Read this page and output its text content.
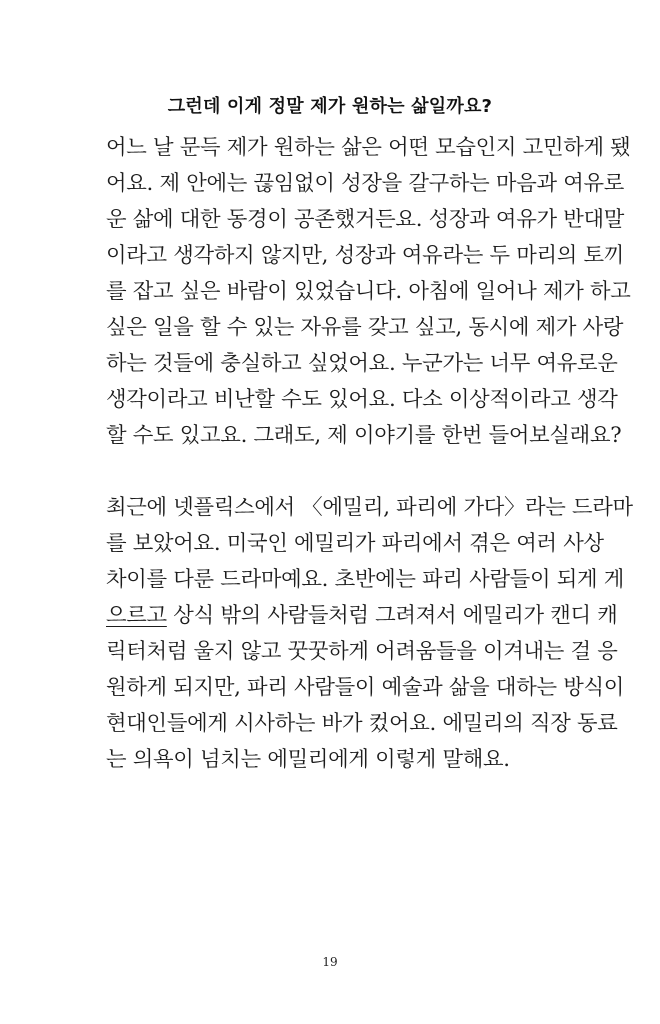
그런데 이게 정말 제가 원하는 삶일까요?
어느 날 문득 제가 원하는 삶은 어떤 모습인지 고민하게 됐
어요. 제 안에는 끊임없이 성장을 갈구하는 마음과 여유로
운 삶에 대한 동경이 공존했거든요. 성장과 여유가 반대말
이라고 생각하지 않지만, 성장과 여유라는 두 마리의 토끼
를 잡고 싶은 바람이 있었습니다. 아침에 일어나 제가 하고
싶은 일을 할 수 있는 자유를 갖고 싶고, 동시에 제가 사랑
하는 것들에 충실하고 싶었어요. 누군가는 너무 여유로운
생각이라고 비난할 수도 있어요. 다소 이상적이라고 생각
할 수도 있고요. 그래도, 제 이야기를 한번 들어보실래요?
최근에 넷플릭스에서 〈에밀리, 파리에 가다〉라는 드라마
를 보았어요. 미국인 에밀리가 파리에서 겪은 여러 사상
차이를 다룬 드라마예요. 초반에는 파리 사람들이 되게 게
으르고 상식 밖의 사람들처럼 그려져서 에밀리가 캔디 캐
릭터처럼 울지 않고 꿋꿋하게 어려움들을 이겨내는 걸 응
원하게 되지만, 파리 사람들이 예술과 삶을 대하는 방식이
현대인들에게 시사하는 바가 컸어요. 에밀리의 직장 동료
는 의욕이 넘치는 에밀리에게 이렇게 말해요.
19
